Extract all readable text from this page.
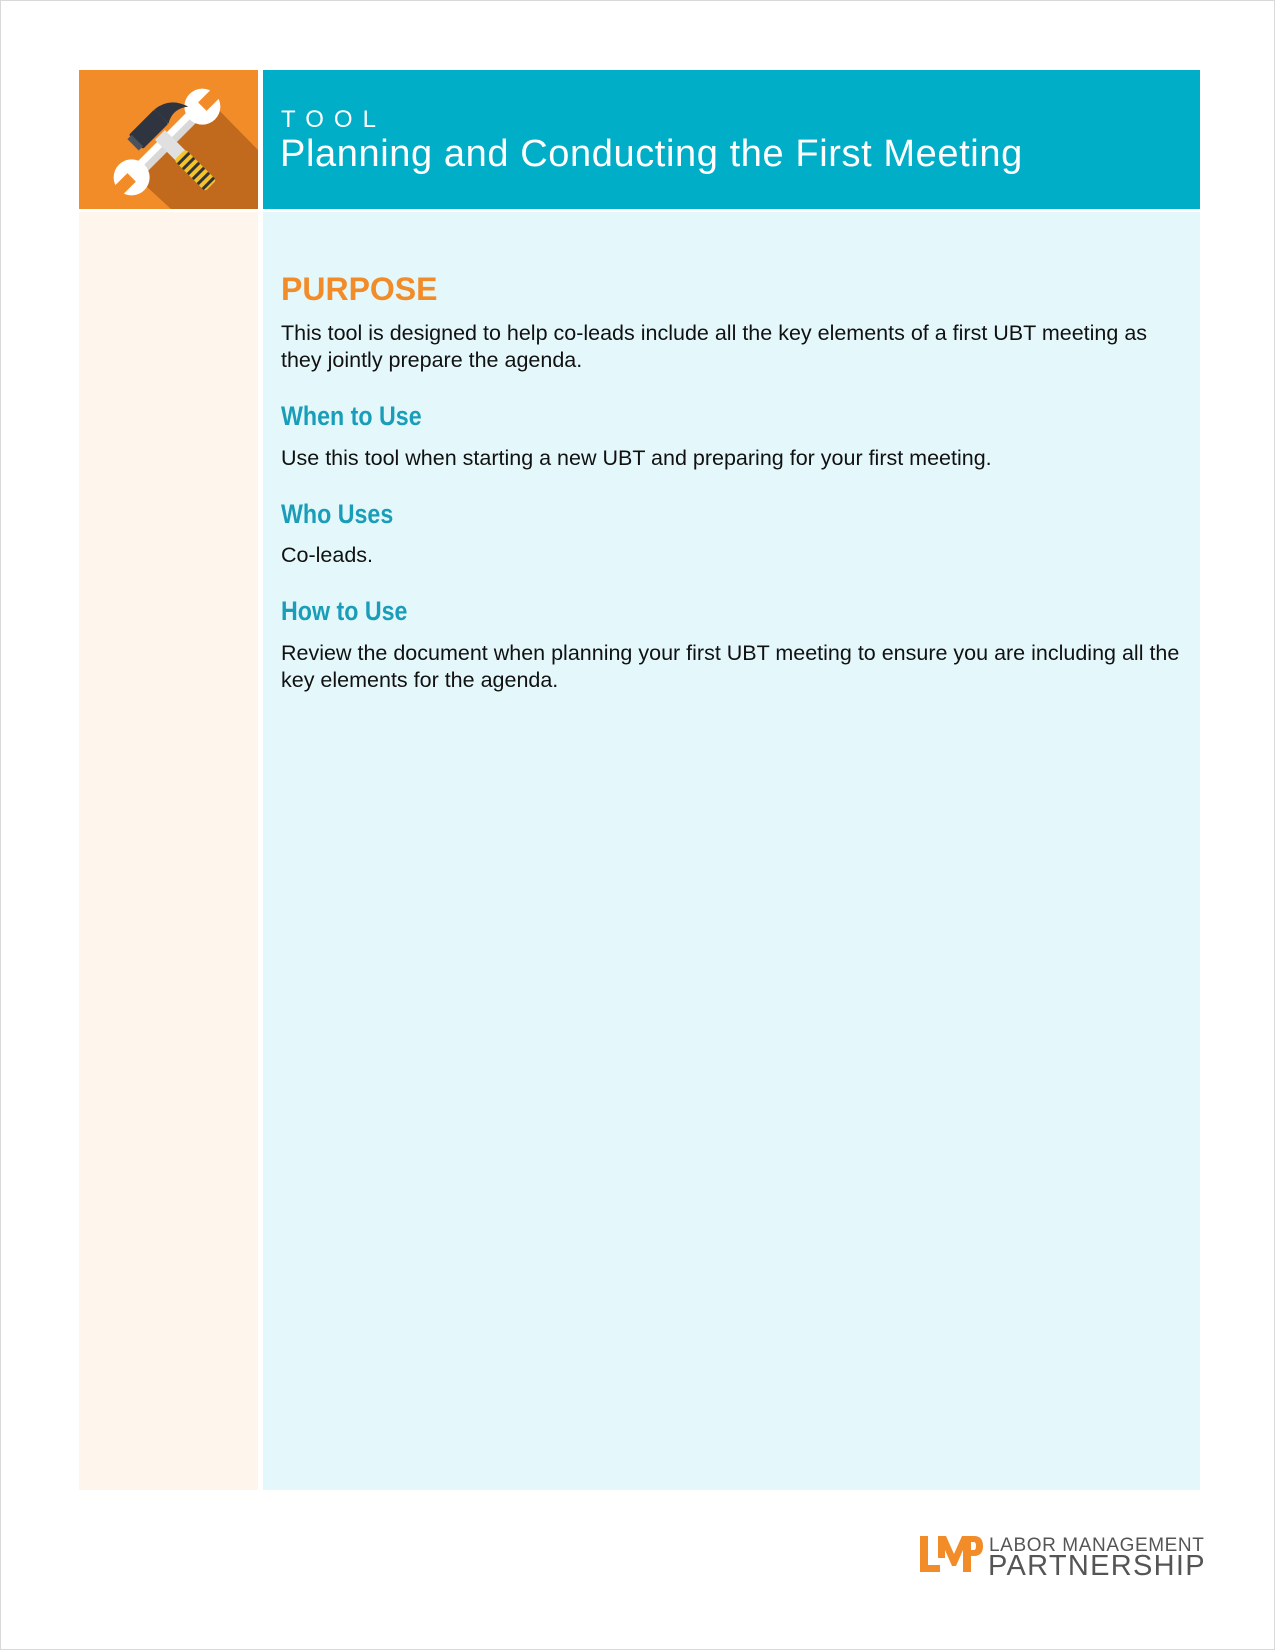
TOOL
Planning and Conducting the First Meeting
PURPOSE

This tool is designed to help co-leads include all the key elements of a first UBT meeting as they jointly prepare the agenda.

When to Use

Use this tool when starting a new UBT and preparing for your first meeting.

Who Uses

Co-leads.

How to Use

Review the document when planning your first UBT meeting to ensure you are including all the key elements for the agenda.

LABOR MANAGEMENT
PARTNERSHIP
